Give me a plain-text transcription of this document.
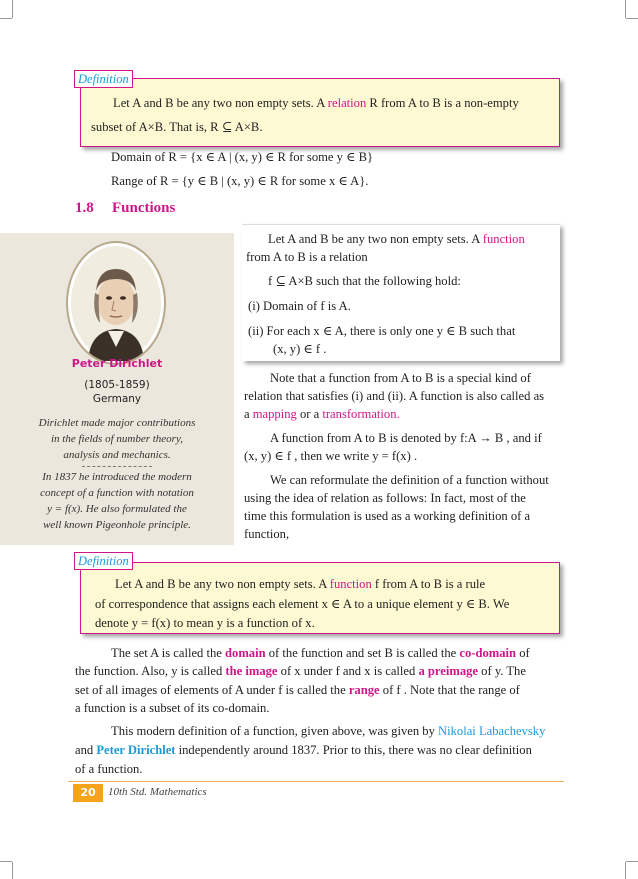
Let A and B be any two non empty sets. A relation R from A to B is a non-empty
subset of A×B. That is, R ⊆ A×B.
Definition
Domain of R = {x ∈ A | (x, y) ∈ R for some y ∈ B}
Range of R = {y ∈ B | (x, y) ∈ R for some x ∈ A}.
1.8 Functions
Peter Dirichlet
(1805-1859)
Germany
Dirichlet made major contributions
in the fields of number theory,
analysis and mechanics.
In 1837 he introduced the modern
concept of a function with notation
y = f(x). He also formulated the
well known Pigeonhole principle.
Let A and B be any two non empty sets. A function
from A to B is a relation
f ⊆ A×B such that the following hold:
(i) Domain of f is A.
(ii) For each x ∈ A, there is only one y ∈ B such that
(x, y) ∈ f .
Note that a function from A to B is a special kind of
relation that satisfies (i) and (ii). A function is also called as
a mapping or a transformation.
A function from A to B is denoted by f:A → B , and if
(x, y) ∈ f , then we write y = f(x) .
We can reformulate the definition of a function without
using the idea of relation as follows: In fact, most of the
time this formulation is used as a working definition of a
function,
Let A and B be any two non empty sets. A function f from A to B is a rule
of correspondence that assigns each element x ∈ A to a unique element y ∈ B. We
denote y = f(x) to mean y is a function of x.
Definition
The set A is called the domain of the function and set B is called the co-domain of
the function. Also, y is called the image of x under f and x is called a preimage of y. The
set of all images of elements of A under f is called the range of f . Note that the range of
a function is a subset of its co-domain.
This modern definition of a function, given above, was given by Nikolai Labachevsky
and Peter Dirichlet independently around 1837. Prior to this, there was no clear definition
of a function.
20	10th Std. Mathematics
